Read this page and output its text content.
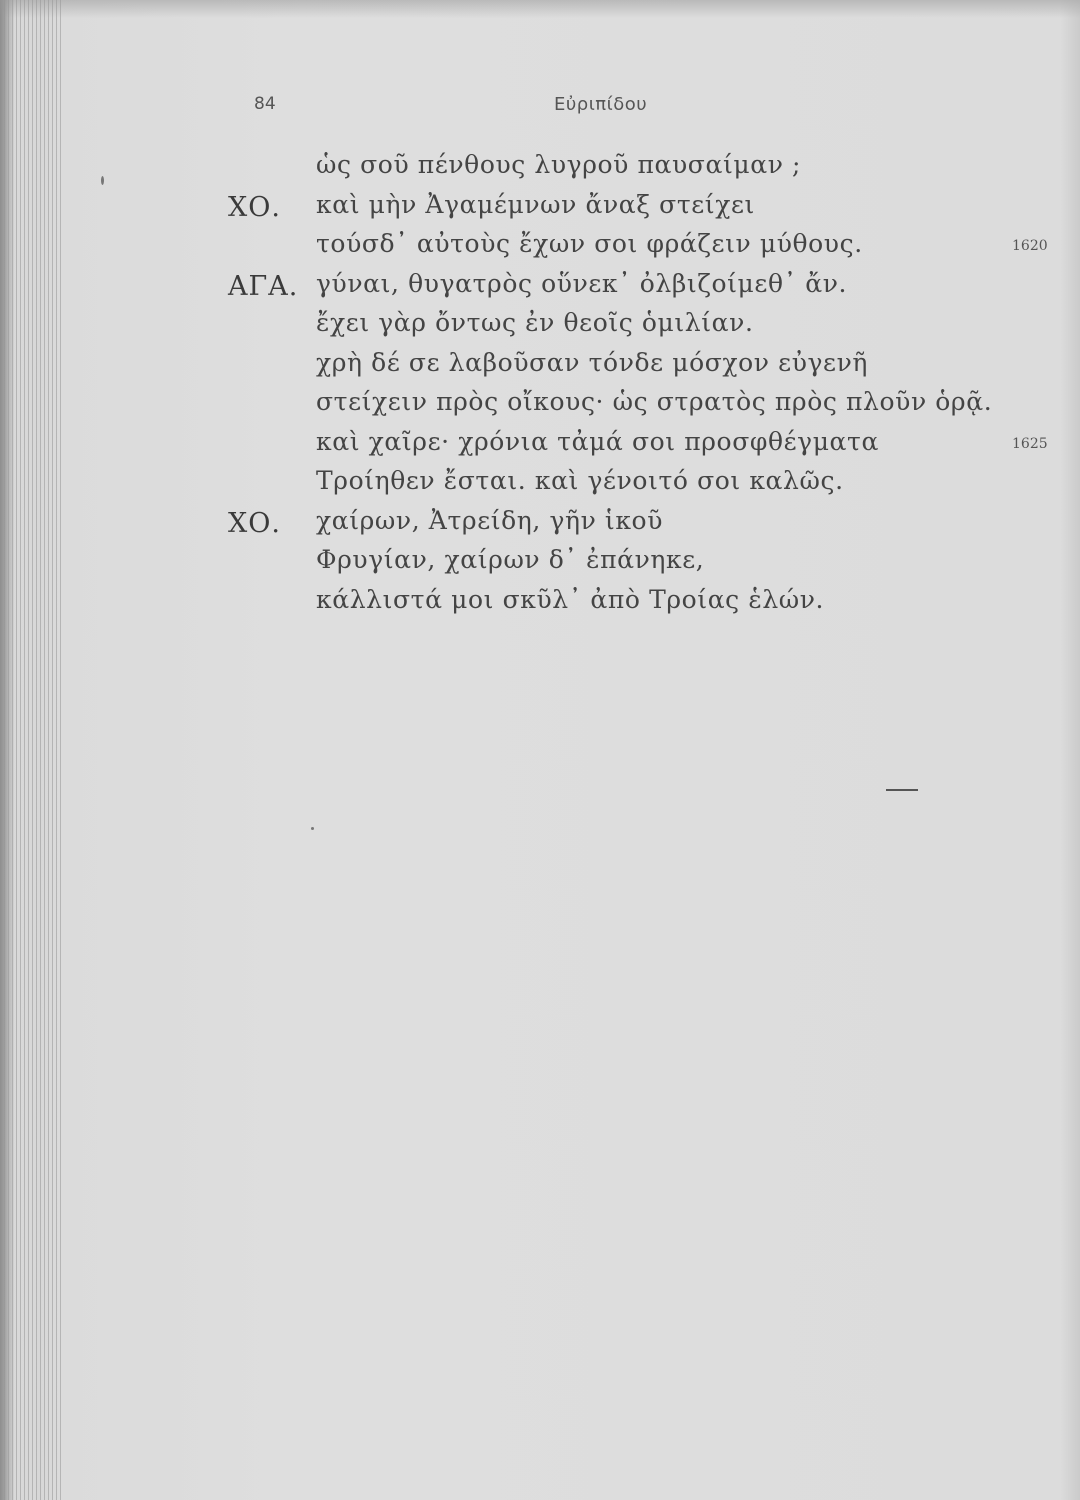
84	Εὐριπίδου
ὡς σοῦ πένθους λυγροῦ παυσαίμαν ;
ΧΟ. καὶ μὴν Ἀγαμέμνων ἄναξ στείχει
τούσδ᾽ αὐτοὺς ἔχων σοι φράζειν μύθους.	1620
ΑΓΑ. γύναι, θυγατρὸς οὕνεκ᾽ ὀλβιζοίμεθ᾽ ἄν.
ἔχει γὰρ ὄντως ἐν θεοῖς ὁμιλίαν.
χρὴ δέ σε λαβοῦσαν τόνδε μόσχον εὐγενῆ
στείχειν πρὸς οἴκους· ὡς στρατὸς πρὸς πλοῦν ὁρᾷ.
καὶ χαῖρε· χρόνια τἀμά σοι προσφθέγματα	1625
Τροίηθεν ἔσται. καὶ γένοιτό σοι καλῶς.
ΧΟ. χαίρων, Ἀτρείδη, γῆν ἱκοῦ
Φρυγίαν, χαίρων δ᾽ ἐπάνηκε,
κάλλιστά μοι σκῦλ᾽ ἀπὸ Τροίας ἑλών.
